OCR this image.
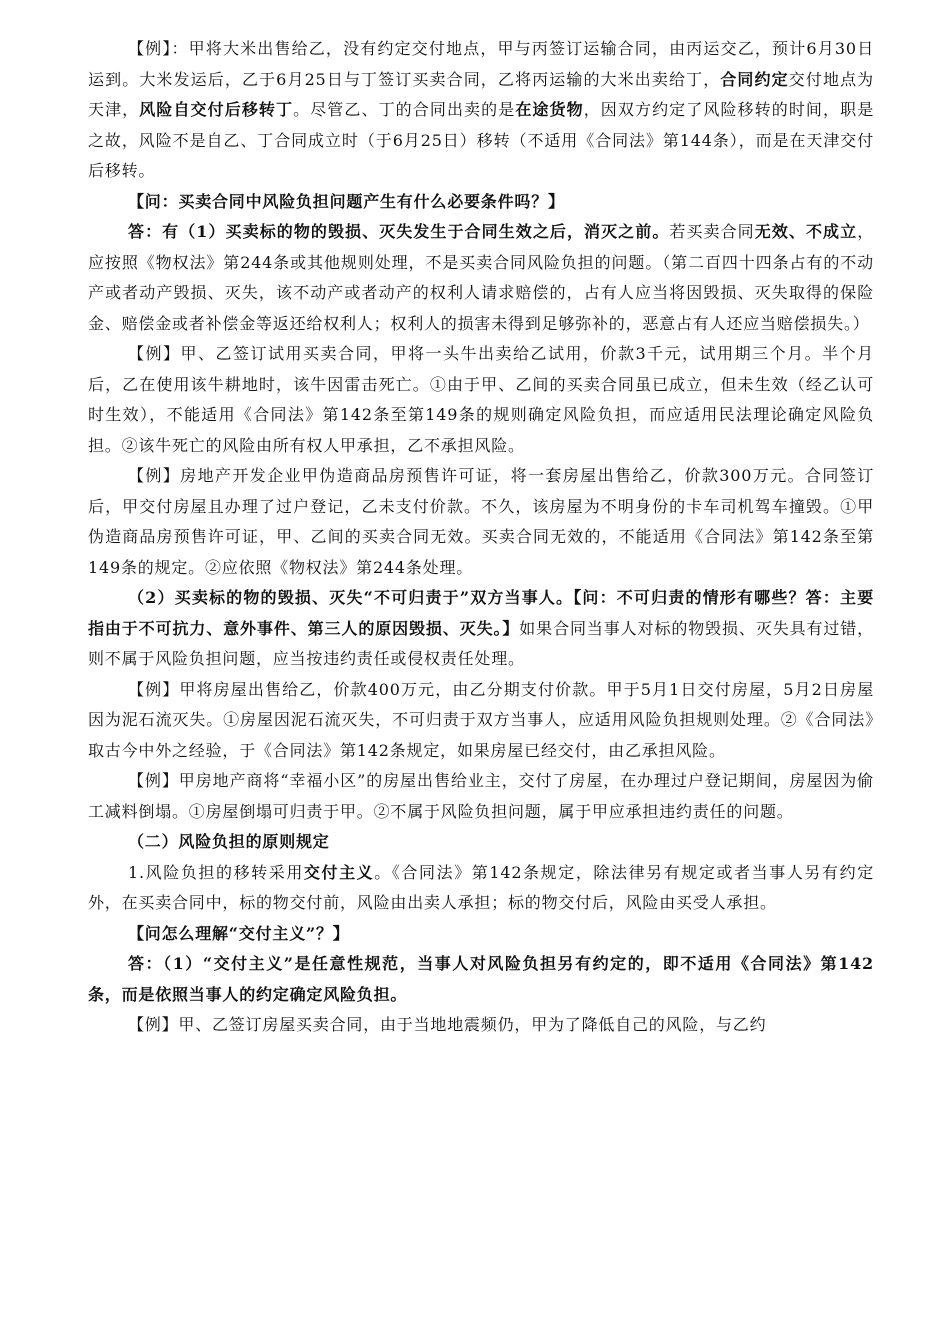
【例】：甲将大米出售给乙，没有约定交付地点，甲与丙签订运输合同，由丙运交乙，预计6月30日运到。大米发运后，乙于6月25日与丁签订买卖合同，乙将丙运输的大米出卖给丁，合同约定交付地点为天津，风险自交付后移转丁。尽管乙、丁的合同出卖的是在途货物，因双方约定了风险移转的时间，职是之故，风险不是自乙、丁合同成立时（于6月25日）移转（不适用《合同法》第144条），而是在天津交付后移转。

【问：买卖合同中风险负担问题产生有什么必要条件吗？】

答：有（1）买卖标的物的毁损、灭失发生于合同生效之后，消灭之前。若买卖合同无效、不成立，应按照《物权法》第244条或其他规则处理，不是买卖合同风险负担的问题。（第二百四十四条占有的不动产或者动产毁损、灭失，该不动产或者动产的权利人请求赔偿的，占有人应当将因毁损、灭失取得的保险金、赔偿金或者补偿金等返还给权利人；权利人的损害未得到足够弥补的，恶意占有人还应当赔偿损失。）

【例】甲、乙签订试用买卖合同，甲将一头牛出卖给乙试用，价款3千元，试用期三个月。半个月后，乙在使用该牛耕地时，该牛因雷击死亡。①由于甲、乙间的买卖合同虽已成立，但未生效（经乙认可时生效），不能适用《合同法》第142条至第149条的规则确定风险负担，而应适用民法理论确定风险负担。②该牛死亡的风险由所有权人甲承担，乙不承担风险。

【例】房地产开发企业甲伪造商品房预售许可证，将一套房屋出售给乙，价款300万元。合同签订后，甲交付房屋且办理了过户登记，乙未支付价款。不久，该房屋为不明身份的卡车司机驾车撞毁。①甲伪造商品房预售许可证，甲、乙间的买卖合同无效。买卖合同无效的，不能适用《合同法》第142条至第149条的规定。②应依照《物权法》第244条处理。

（2）买卖标的物的毁损、灭失“不可归责于”双方当事人。【问：不可归责的情形有哪些？答：主要指由于不可抗力、意外事件、第三人的原因毁损、灭失。】如果合同当事人对标的物毁损、灭失具有过错，则不属于风险负担问题，应当按违约责任或侵权责任处理。

【例】甲将房屋出售给乙，价款400万元，由乙分期支付价款。甲于5月1日交付房屋，5月2日房屋因为泥石流灭失。①房屋因泥石流灭失，不可归责于双方当事人，应适用风险负担规则处理。②《合同法》取古今中外之经验，于《合同法》第142条规定，如果房屋已经交付，由乙承担风险。

【例】甲房地产商将“幸福小区”的房屋出售给业主，交付了房屋，在办理过户登记期间，房屋因为偷工减料倒塌。①房屋倒塌可归责于甲。②不属于风险负担问题，属于甲应承担违约责任的问题。

（二）风险负担的原则规定

1.风险负担的移转采用交付主义。《合同法》第142条规定，除法律另有规定或者当事人另有约定外，在买卖合同中，标的物交付前，风险由出卖人承担；标的物交付后，风险由买受人承担。

【问怎么理解“交付主义”？】

答：（1）“交付主义”是任意性规范，当事人对风险负担另有约定的，即不适用《合同法》第142条，而是依照当事人的约定确定风险负担。

【例】甲、乙签订房屋买卖合同，由于当地地震频仍，甲为了降低自己的风险，与乙约
